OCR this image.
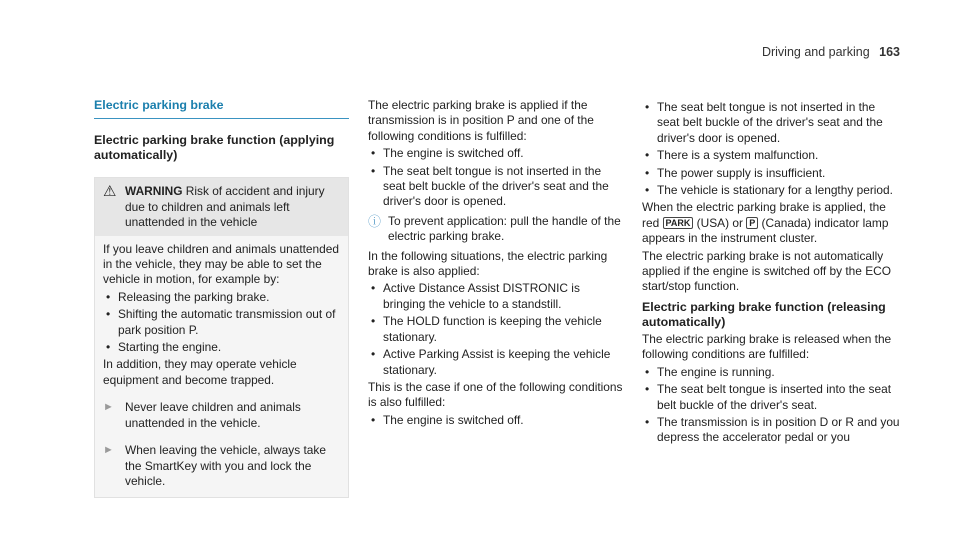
Driving and parking 163
Electric parking brake
Electric parking brake function (applying automatically)
⚠ WARNING Risk of accident and injury due to children and animals left unattended in the vehicle

If you leave children and animals unattended in the vehicle, they may be able to set the vehicle in motion, for example by:

• Releasing the parking brake.
• Shifting the automatic transmission out of park position P.
• Starting the engine.

In addition, they may operate vehicle equipment and become trapped.

► Never leave children and animals unattended in the vehicle.
► When leaving the vehicle, always take the SmartKey with you and lock the vehicle.

The electric parking brake is applied if the transmission is in position P and one of the following conditions is fulfilled:

• The engine is switched off.
• The seat belt tongue is not inserted in the seat belt buckle of the driver's seat and the driver's door is opened.
ⓘ To prevent application: pull the handle of the electric parking brake.

In the following situations, the electric parking brake is also applied:

• Active Distance Assist DISTRONIC is bringing the vehicle to a standstill.
• The HOLD function is keeping the vehicle stationary.
• Active Parking Assist is keeping the vehicle stationary.

This is the case if one of the following conditions is also fulfilled:

• The engine is switched off.
• The seat belt tongue is not inserted in the seat belt buckle of the driver's seat and the driver's door is opened.
• There is a system malfunction.
• The power supply is insufficient.
• The vehicle is stationary for a lengthy period.

When the electric parking brake is applied, the red PARK (USA) or P (Canada) indicator lamp appears in the instrument cluster.

The electric parking brake is not automatically applied if the engine is switched off by the ECO start/stop function.

Electric parking brake function (releasing automatically)

The electric parking brake is released when the following conditions are fulfilled:

• The engine is running.
• The seat belt tongue is inserted into the seat belt buckle of the driver's seat.
• The transmission is in position D or R and you depress the accelerator pedal or you
